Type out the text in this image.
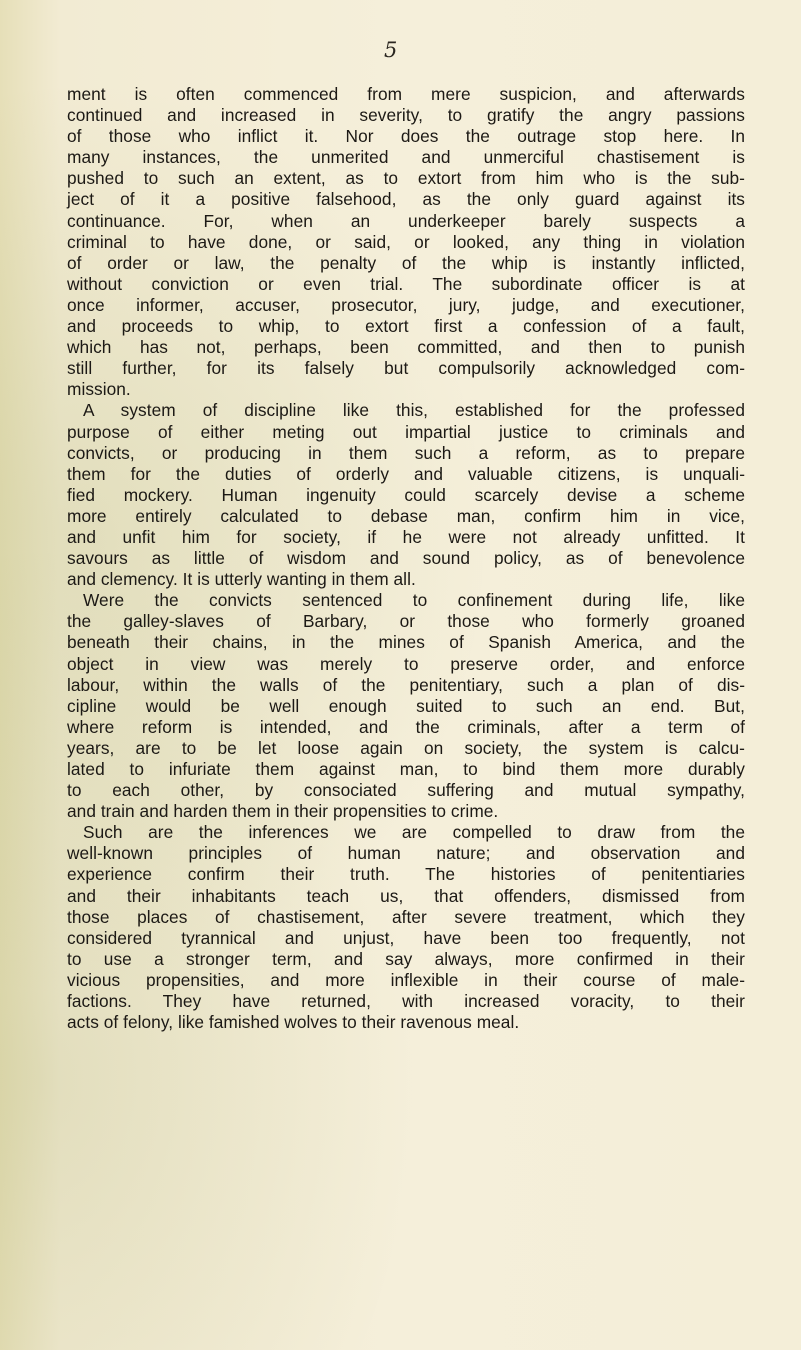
5

ment is often commenced from mere suspicion, and afterwards
continued and increased in severity, to gratify the angry passions
of those who inflict it. Nor does the outrage stop here. In
many instances, the unmerited and unmerciful chastisement is
pushed to such an extent, as to extort from him who is the sub-
ject of it a positive falsehood, as the only guard against its
continuance. For, when an underkeeper barely suspects a
criminal to have done, or said, or looked, any thing in violation
of order or law, the penalty of the whip is instantly inflicted,
without conviction or even trial. The subordinate officer is at
once informer, accuser, prosecutor, jury, judge, and executioner,
and proceeds to whip, to extort first a confession of a fault,
which has not, perhaps, been committed, and then to punish
still further, for its falsely but compulsorily acknowledged com-
mission.

A system of discipline like this, established for the professed
purpose of either meting out impartial justice to criminals and
convicts, or producing in them such a reform, as to prepare
them for the duties of orderly and valuable citizens, is unquali-
fied mockery. Human ingenuity could scarcely devise a scheme
more entirely calculated to debase man, confirm him in vice,
and unfit him for society, if he were not already unfitted. It
savours as little of wisdom and sound policy, as of benevolence
and clemency. It is utterly wanting in them all.

Were the convicts sentenced to confinement during life, like
the galley-slaves of Barbary, or those who formerly groaned
beneath their chains, in the mines of Spanish America, and the
object in view was merely to preserve order, and enforce
labour, within the walls of the penitentiary, such a plan of dis-
cipline would be well enough suited to such an end. But,
where reform is intended, and the criminals, after a term of
years, are to be let loose again on society, the system is calcu-
lated to infuriate them against man, to bind them more durably
to each other, by consociated suffering and mutual sympathy,
and train and harden them in their propensities to crime.

Such are the inferences we are compelled to draw from the
well-known principles of human nature; and observation and
experience confirm their truth. The histories of penitentiaries
and their inhabitants teach us, that offenders, dismissed from
those places of chastisement, after severe treatment, which they
considered tyrannical and unjust, have been too frequently, not
to use a stronger term, and say always, more confirmed in their
vicious propensities, and more inflexible in their course of male-
factions. They have returned, with increased voracity, to their
acts of felony, like famished wolves to their ravenous meal.
